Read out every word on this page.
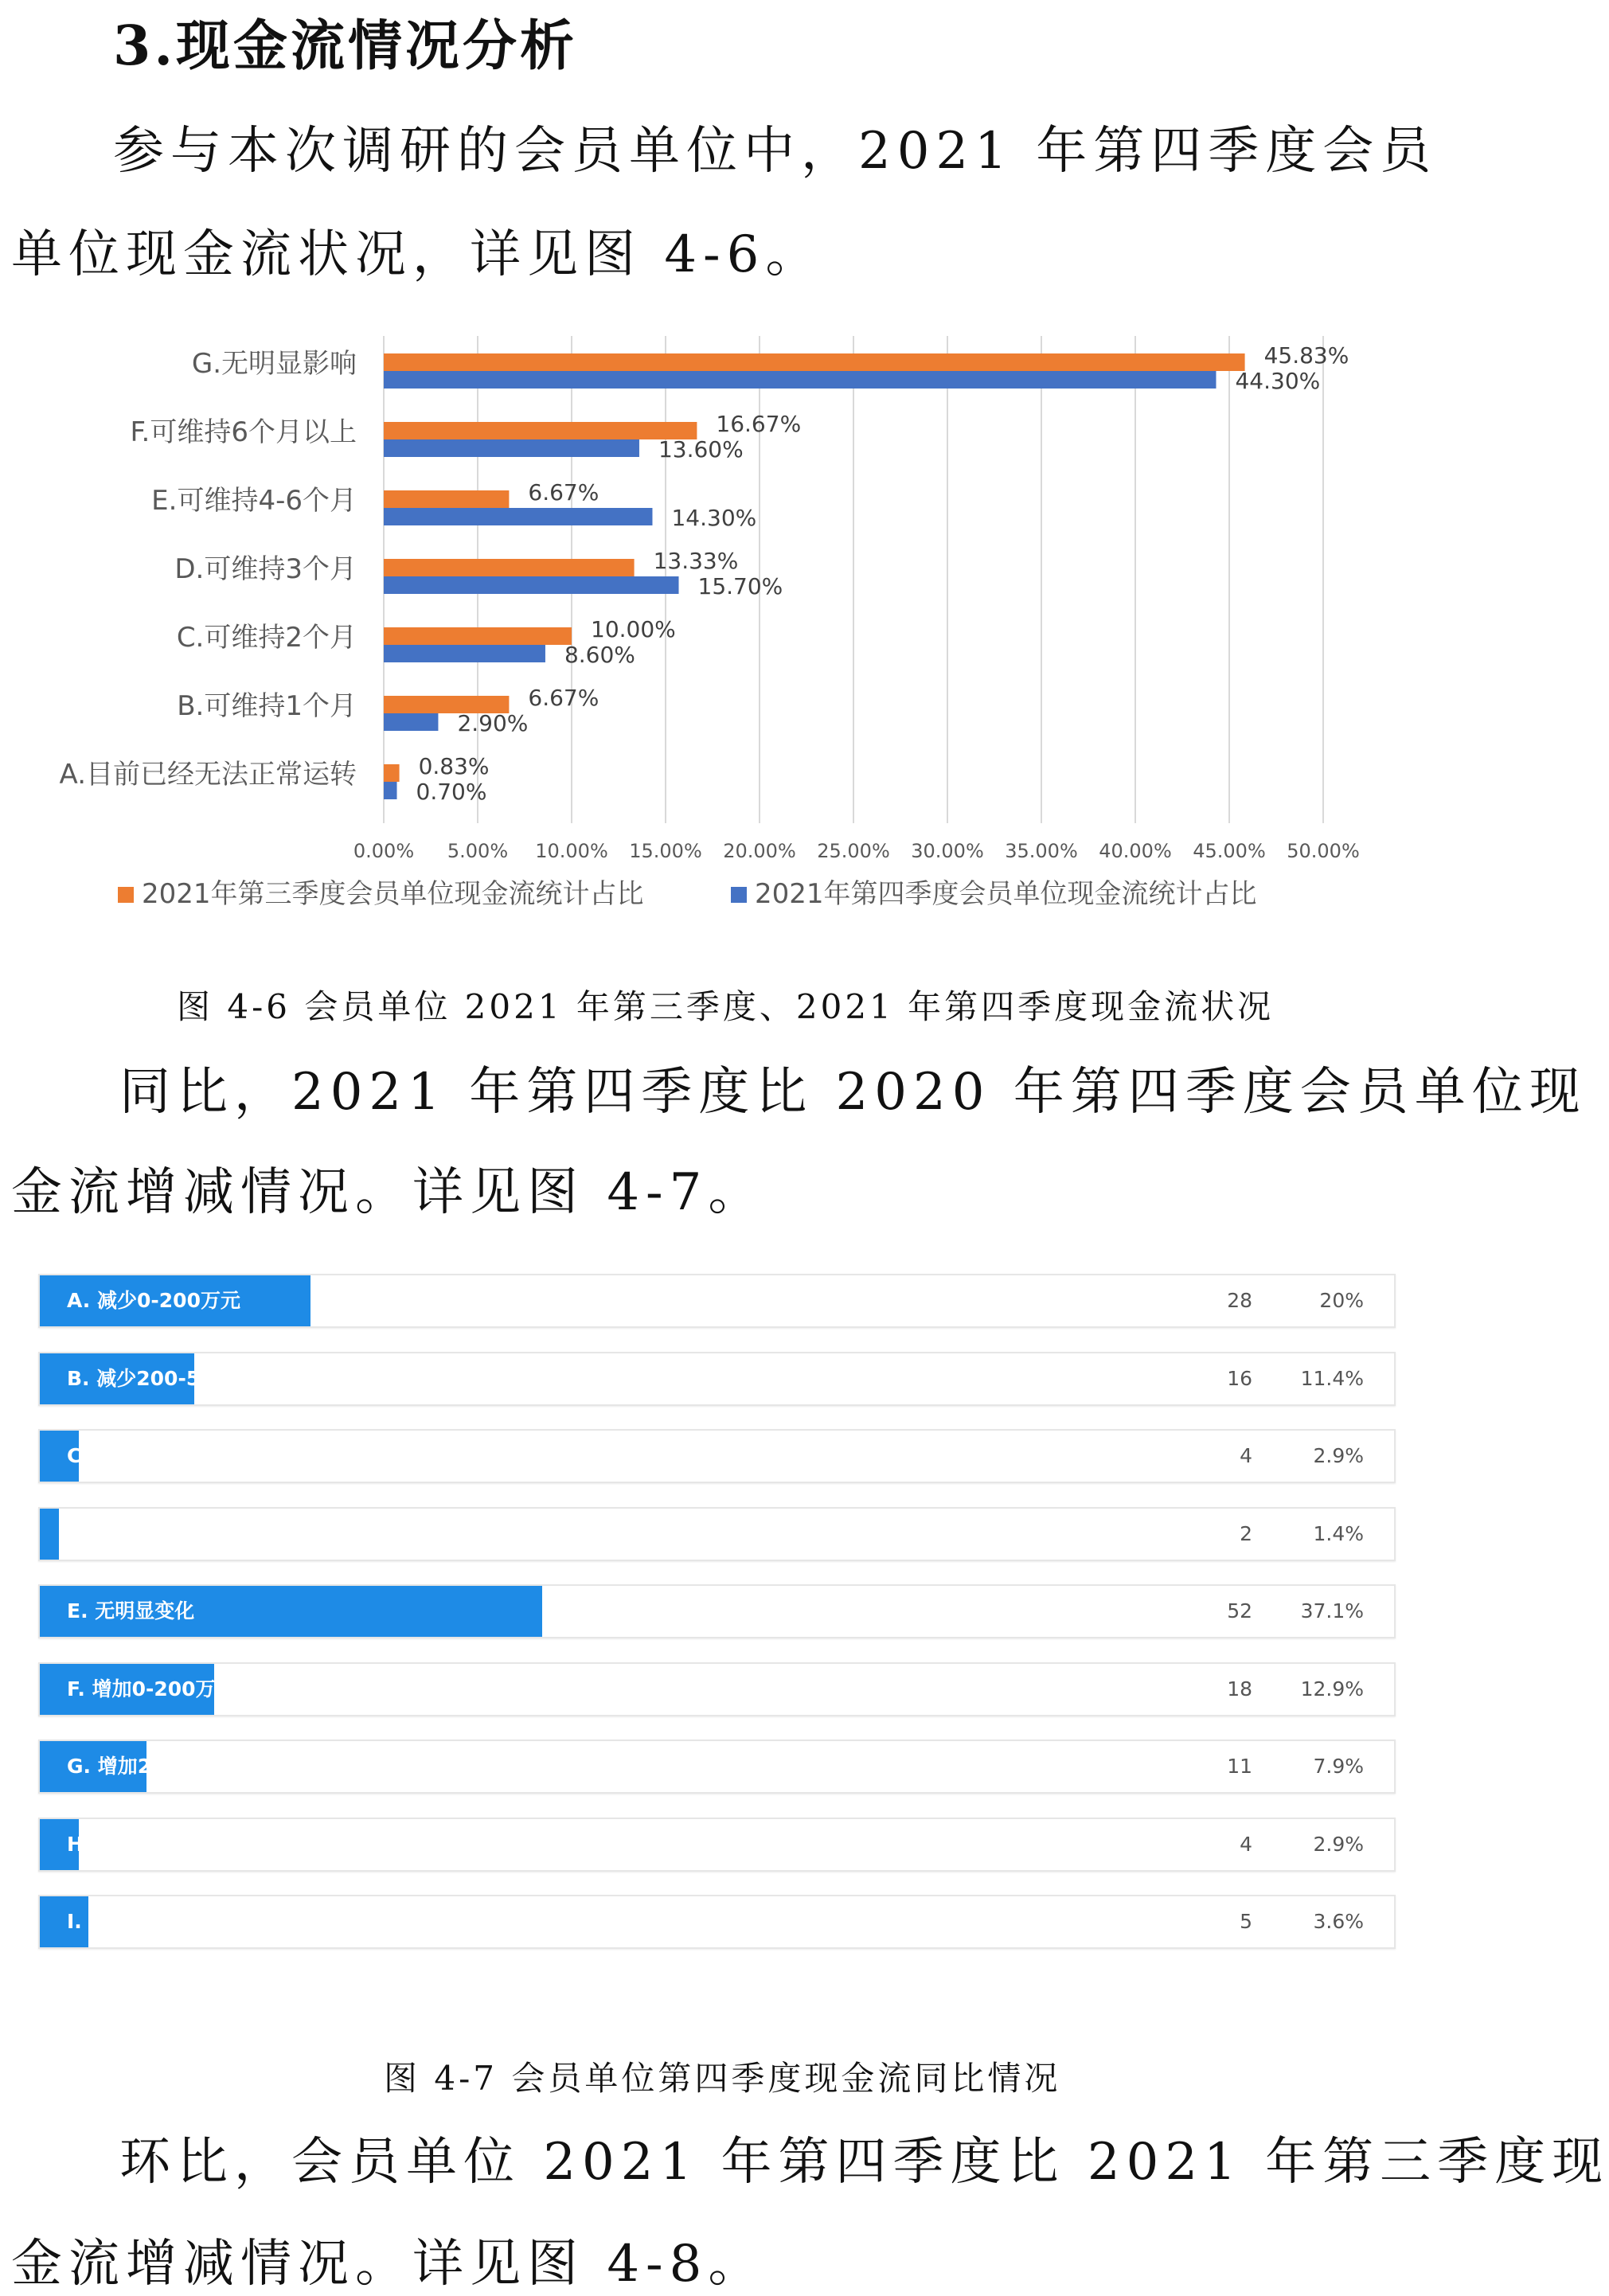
3.现金流情况分析
参与本次调研的会员单位中，2021 年第四季度会员
单位现金流状况，详见图 4-6。
0.00% 5.00% 10.00% 15.00% 20.00% 25.00% 30.00% 35.00% 40.00% 45.00% 50.00%
G.无明显影响	45.83%
44.30%
F.可维持6个月以上	16.67%
13.60%
E.可维持4-6个月	6.67%
14.30%
D.可维持3个月	13.33%
15.70%
C.可维持2个月	10.00%
8.60%
B.可维持1个月	6.67%
2.90%
A.目前已经无法正常运转	0.83%
0.70%
2021年第三季度会员单位现金流统计占比	2021年第四季度会员单位现金流统计占比
图 4-6 会员单位 2021 年第三季度、2021 年第四季度现金流状况
同比，2021 年第四季度比 2020 年第四季度会员单位现
金流增减情况。详见图 4-7。
A. 减少0-200万元	28	20%
B. 减少200-500万元	16 11.4%
C. 减少500-1000万元	4	2.9%
D. 减少1000万元以上	2	1.4%
E. 无明显变化	52 37.1%
F. 增加0-200万元	18 12.9%
G. 增加200-500万元	11	7.9%
H. 增加500-1000万元	4	2.9%
I. 增加1000万元以上	5	3.6%
图 4-7 会员单位第四季度现金流同比情况
环比，会员单位 2021 年第四季度比 2021 年第三季度现
金流增减情况。详见图 4-8。
